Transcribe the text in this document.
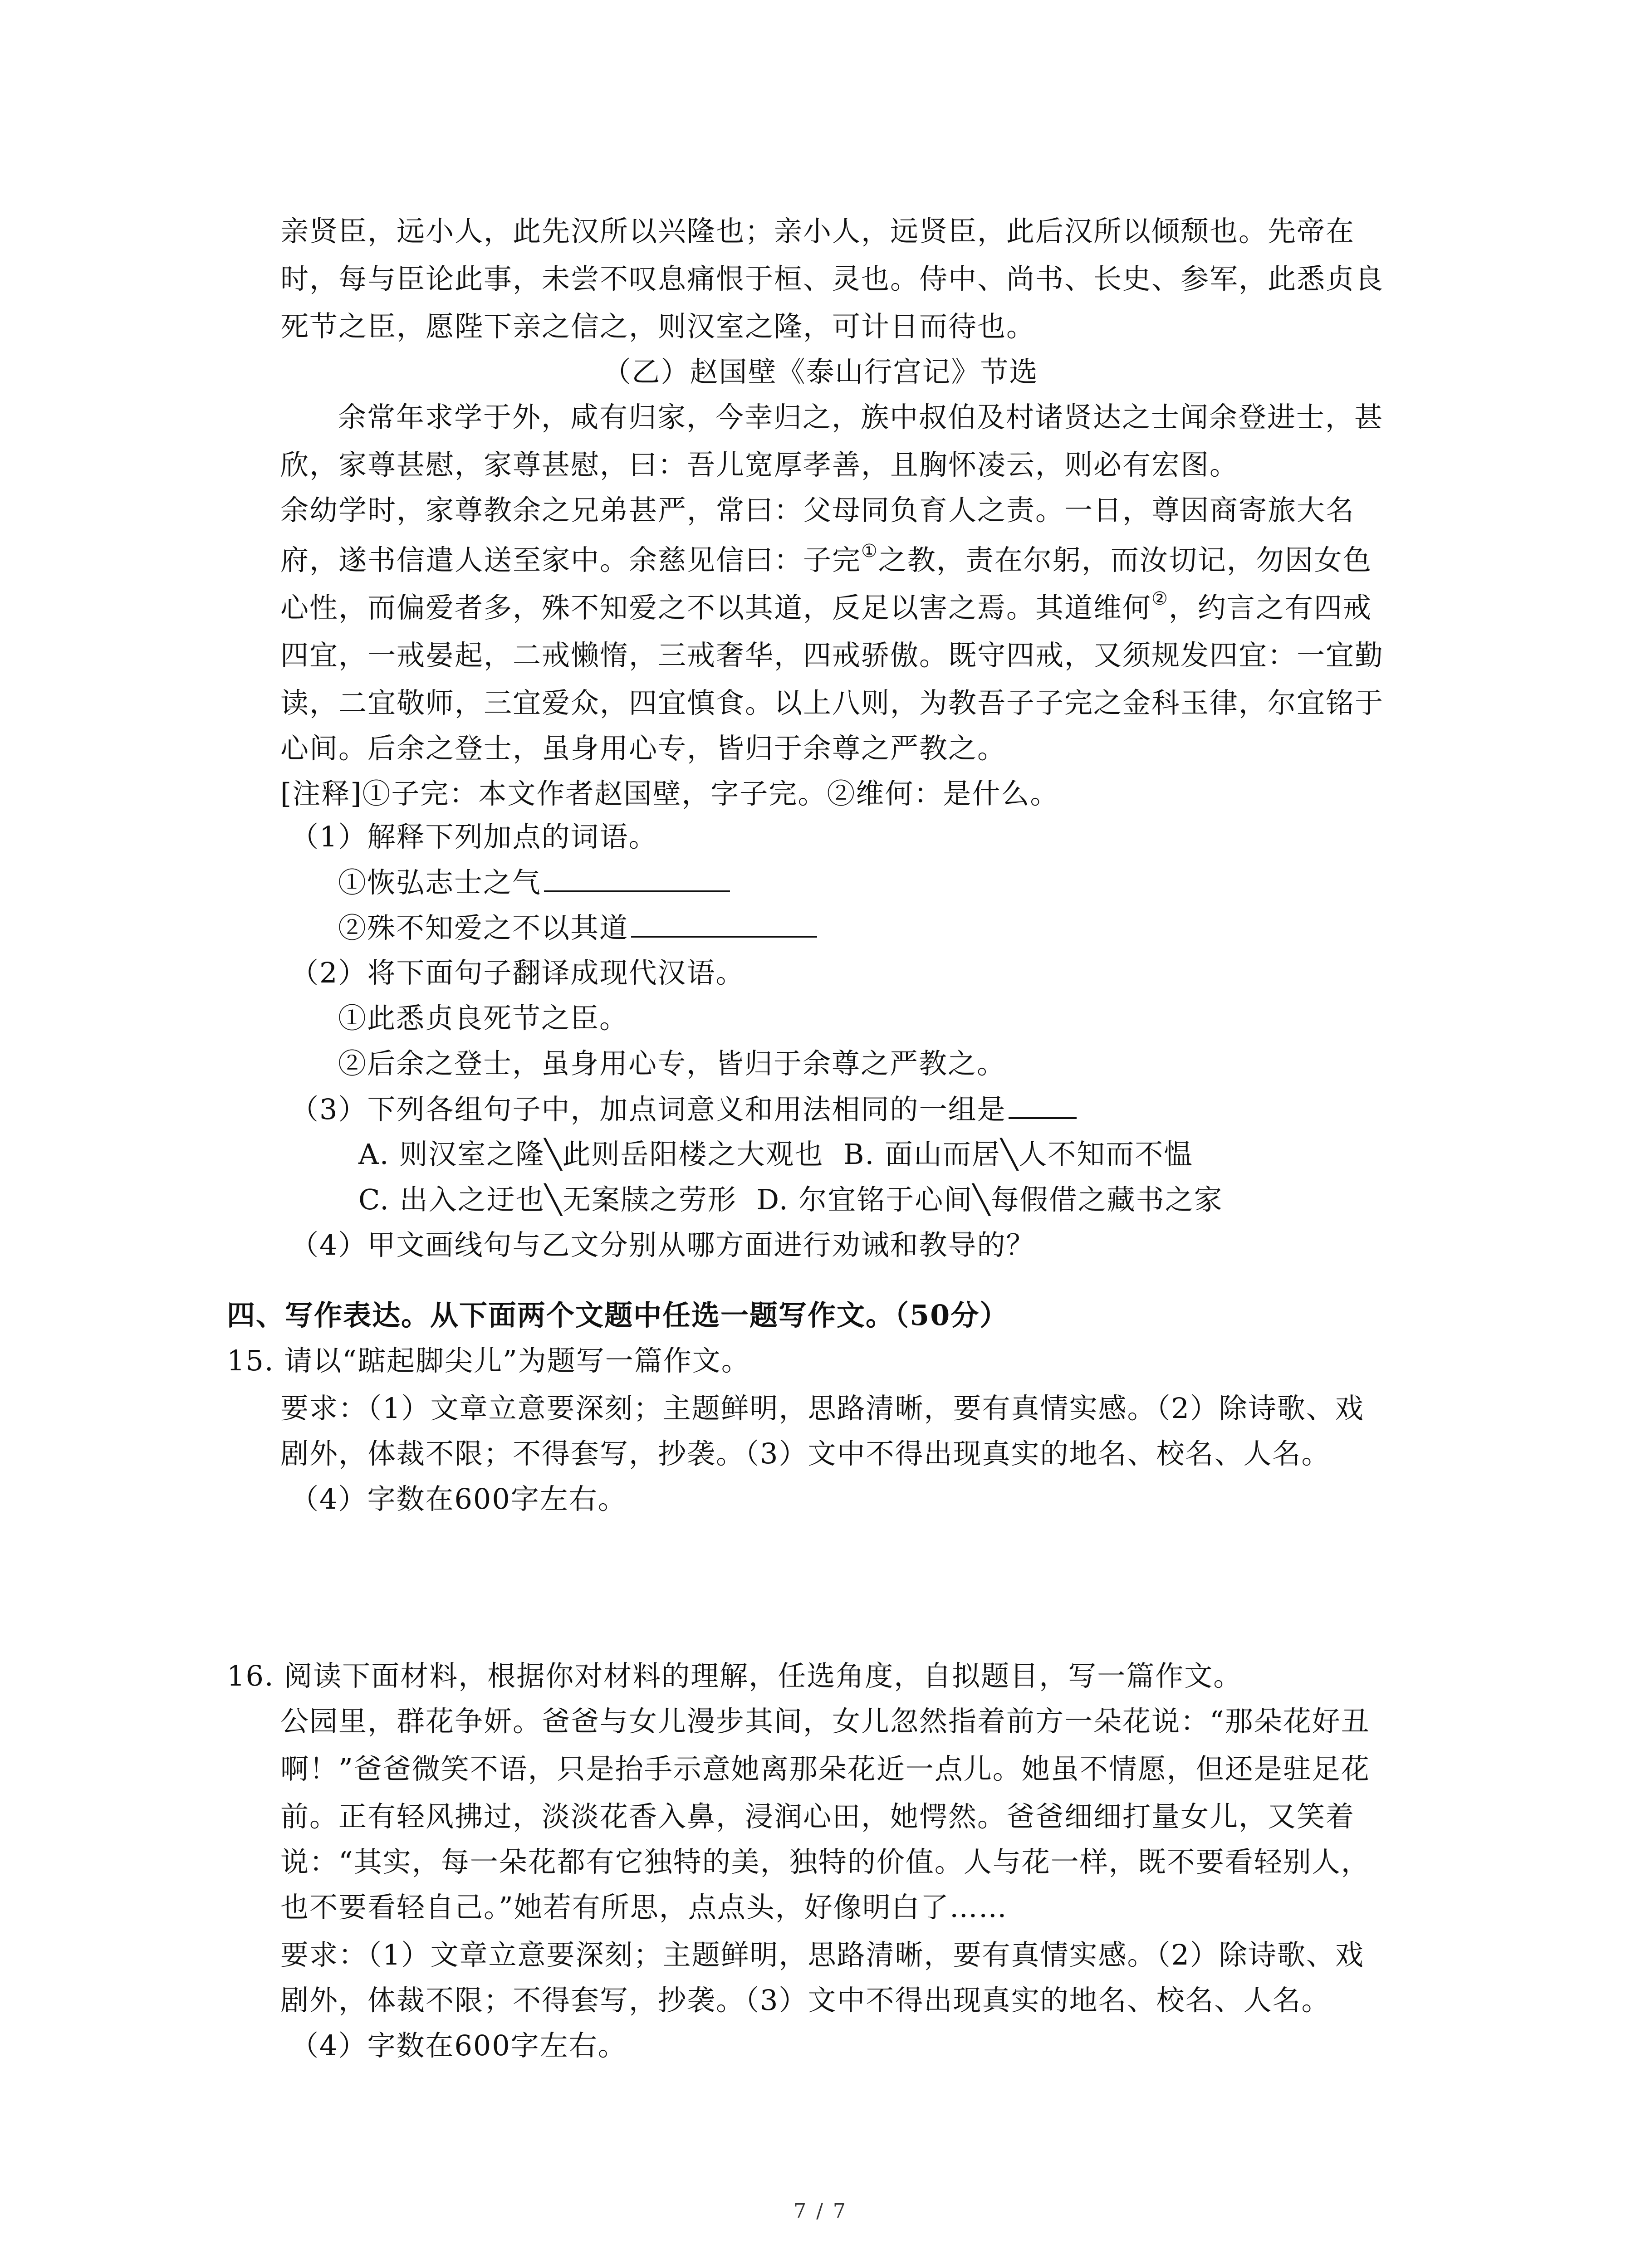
亲贤臣，远小人，此先汉所以兴隆也；亲小人，远贤臣，此后汉所以倾颓也。先帝在
时，每与臣论此事，未尝不叹息痛恨于桓、灵也。侍中、尚书、长史、参军，此悉贞良
死节之臣，愿陛下亲之信之，则汉室之隆，可计日而待也。
（乙）赵国壁《泰山行宫记》节选
余常年求学于外，咸有归家，今幸归之，族中叔伯及村诸贤达之士闻余登进士，甚
欣，家尊甚慰，家尊甚慰，曰：吾儿宽厚孝善，且胸怀凌云，则必有宏图。
余幼学时，家尊教余之兄弟甚严，常曰：父母同负育人之责。一日，尊因商寄旅大名
府，遂书信遣人送至家中。余慈见信曰：子完①之教，责在尔躬，而汝切记，勿因女色
心性，而偏爱者多，殊不知爱之不以其道，反足以害之焉。其道维何②，约言之有四戒
四宜，一戒晏起，二戒懒惰，三戒奢华，四戒骄傲。既守四戒，又须规发四宜：一宜勤
读，二宜敬师，三宜爱众，四宜慎食。以上八则，为教吾子子完之金科玉律，尔宜铭于
心间。后余之登士，虽身用心专，皆归于余尊之严教之。
[注释]①子完：本文作者赵国壁，字子完。②维何：是什么。
（1）解释下列加点的词语。
①恢弘志士之气
②殊不知爱之不以其道
（2）将下面句子翻译成现代汉语。
①此悉贞良死节之臣。
②后余之登士，虽身用心专，皆归于余尊之严教之。
（3）下列各组句子中，加点词意义和用法相同的一组是
A. 则汉室之隆╲此则岳阳楼之大观也  B. 面山而居╲人不知而不愠
C. 出入之迂也╲无案牍之劳形  D. 尔宜铭于心间╲每假借之藏书之家
（4）甲文画线句与乙文分别从哪方面进行劝诫和教导的？
四、写作表达。从下面两个文题中任选一题写作文。（50分）
15. 请以“踮起脚尖儿”为题写一篇作文。
要求：（1）文章立意要深刻；主题鲜明，思路清晰，要有真情实感。（2）除诗歌、戏
剧外，体裁不限；不得套写，抄袭。（3）文中不得出现真实的地名、校名、人名。
（4）字数在600字左右。
16. 阅读下面材料，根据你对材料的理解，任选角度，自拟题目，写一篇作文。
公园里，群花争妍。爸爸与女儿漫步其间，女儿忽然指着前方一朵花说：“那朵花好丑
啊！”爸爸微笑不语，只是抬手示意她离那朵花近一点儿。她虽不情愿，但还是驻足花
前。正有轻风拂过，淡淡花香入鼻，浸润心田，她愕然。爸爸细细打量女儿，又笑着
说：“其实，每一朵花都有它独特的美，独特的价值。人与花一样，既不要看轻别人，
也不要看轻自己。”她若有所思，点点头，好像明白了……
要求：（1）文章立意要深刻；主题鲜明，思路清晰，要有真情实感。（2）除诗歌、戏
剧外，体裁不限；不得套写，抄袭。（3）文中不得出现真实的地名、校名、人名。
（4）字数在600字左右。
7 / 7
